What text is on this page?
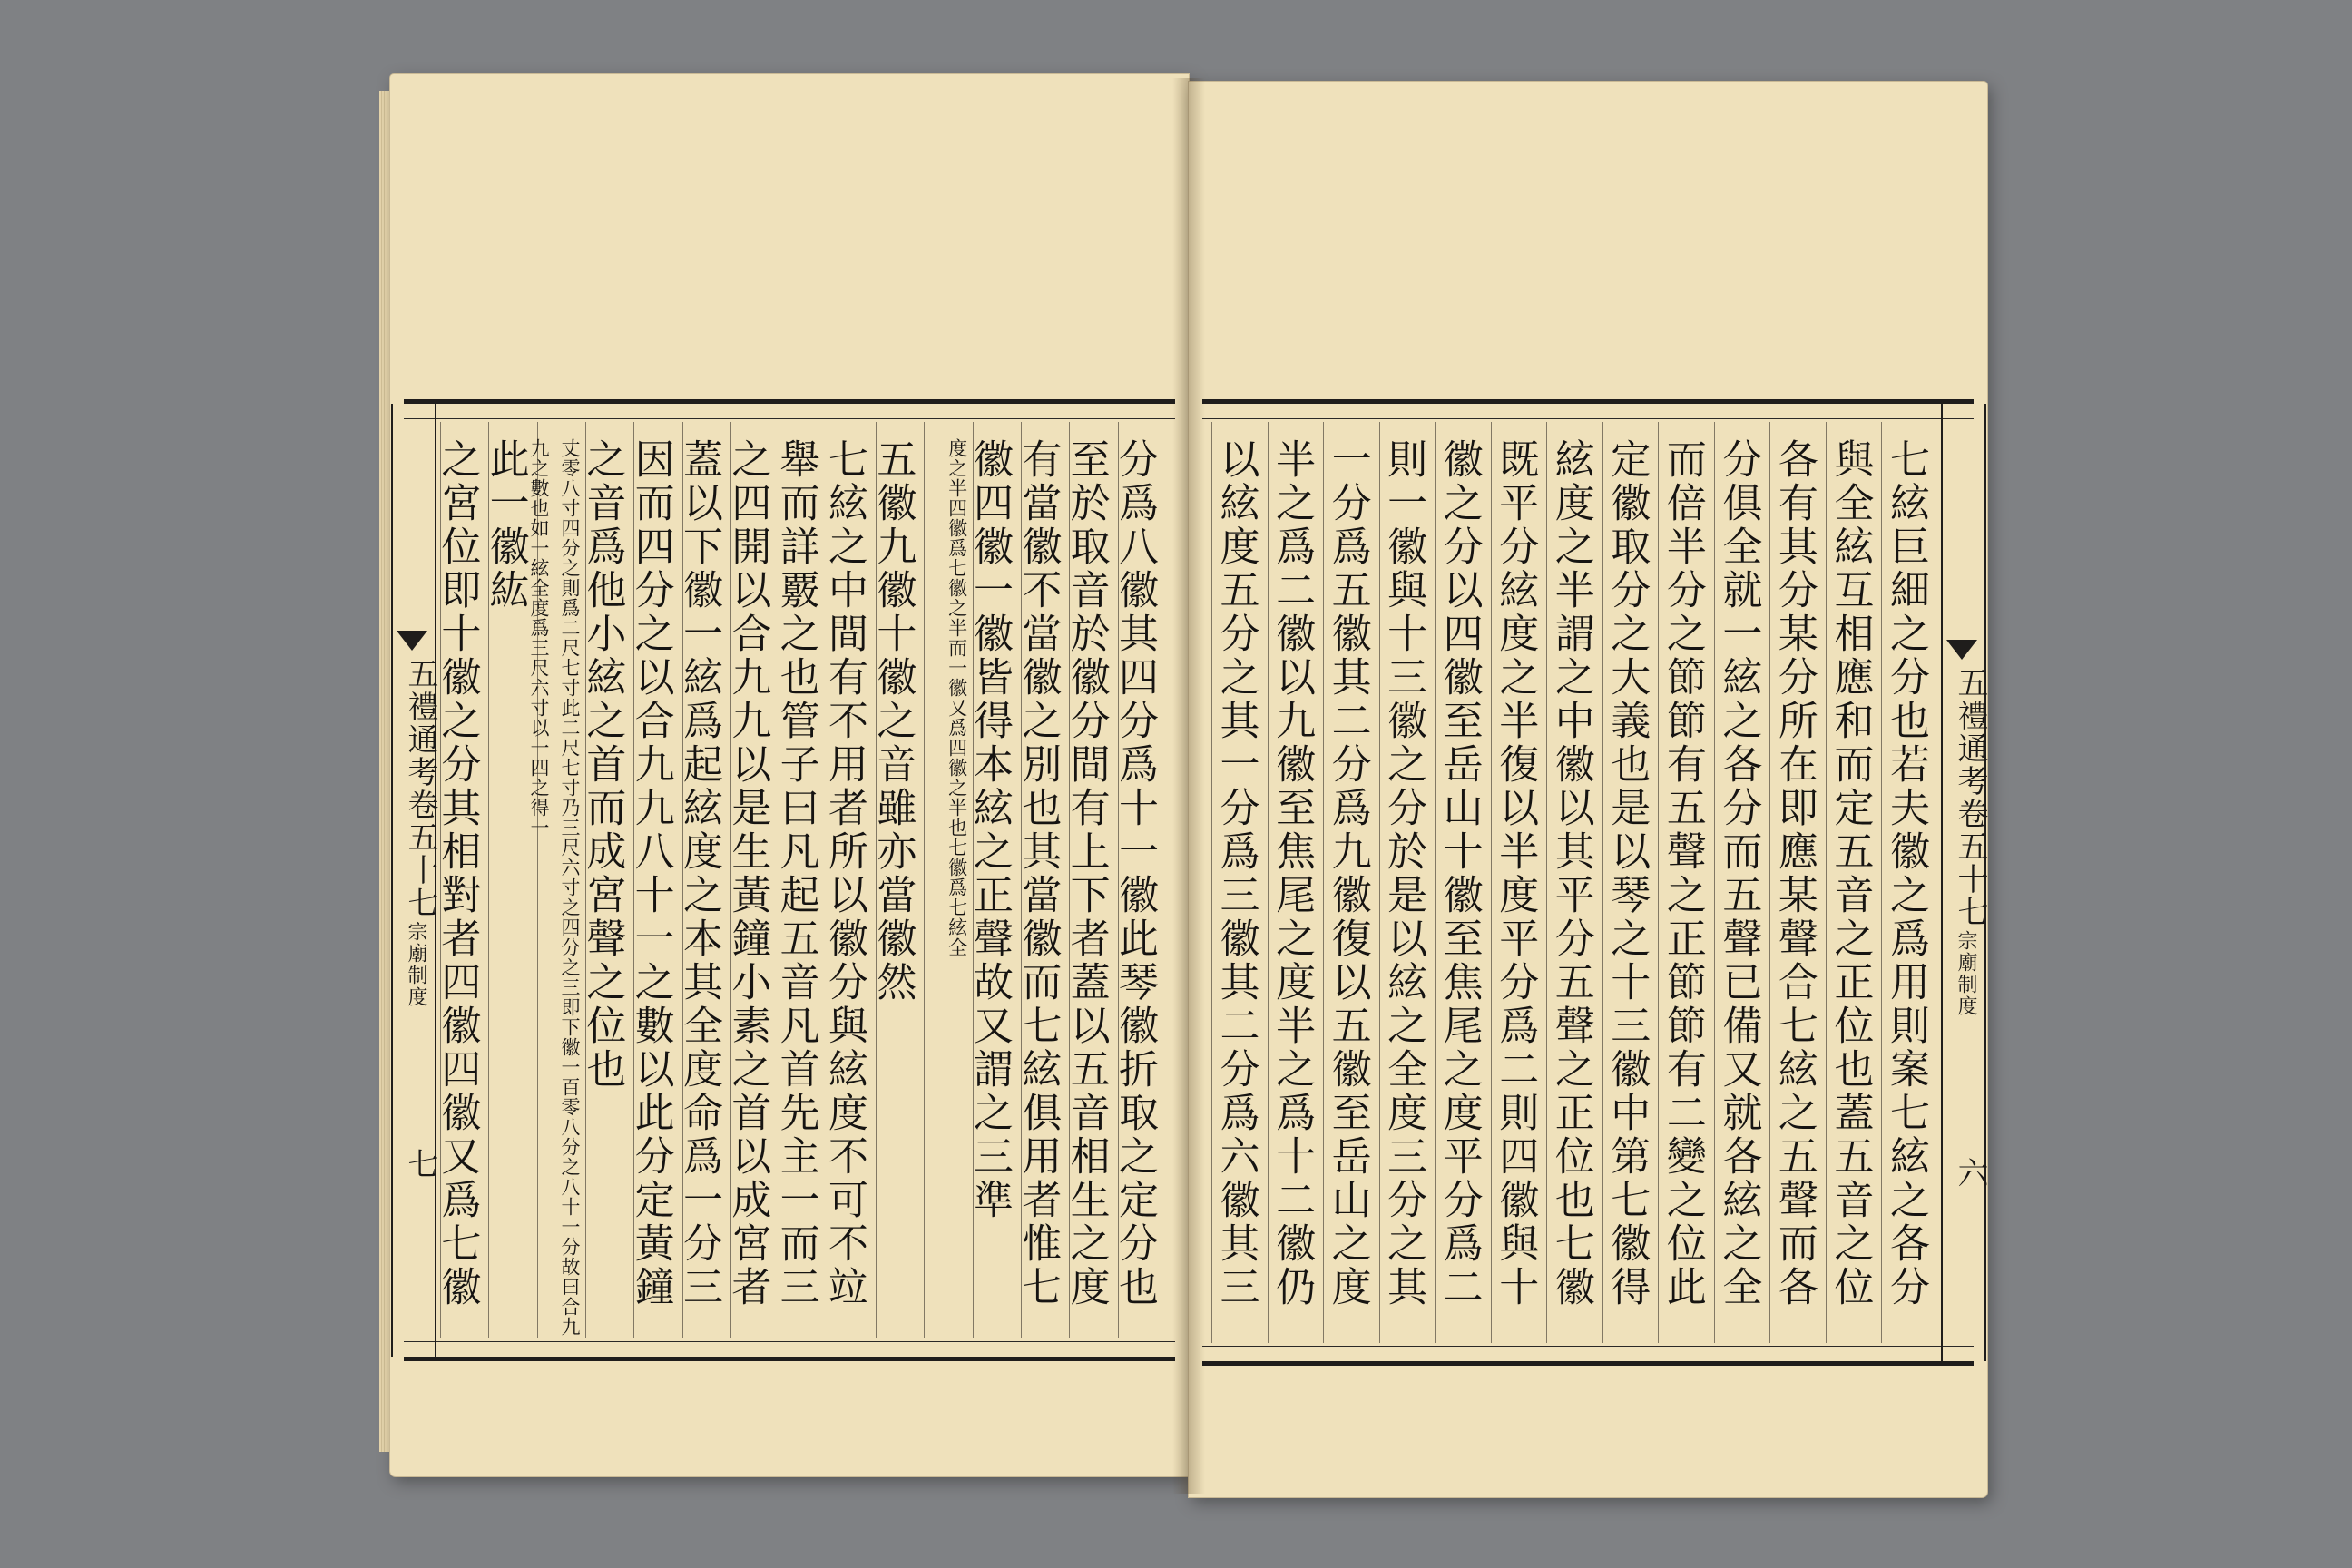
分爲八徽其四分爲十一徽此琴徽折取之定分也
至於取音於徽分間有上下者蓋以五音相生之度
有當徽不當徽之別也其當徽而七絃俱用者惟七
徽四徽一徽皆得本絃之正聲故又謂之三準
度之半四徽爲七徽之半而一徽又爲四徽之半也七徽爲七絃全
五徽九徽十徽之音雖亦當徽然
七絃之中間有不用者所以徽分與絃度不可不竝
舉而詳覈之也管子曰凡起五音凡首先主一而三
之四開以合九九以是生黃鐘小素之首以成宮者
蓋以下徽一絃爲起絃度之本其全度命爲一分三
因而四分之以合九九八十一之數以此分定黃鐘
之音爲他小絃之首而成宮聲之位也
丈零八寸四分之則爲二尺七寸此二尺七寸乃三尺六寸之四分之三即下徽一百零八分之八十一分故曰合九九之數也如一絃全度爲三尺六寸以一四之得一
此一徽紘
之宮位即十徽之分其相對者四徽四徽又爲七徽
五禮通考卷五十七
宗廟制度
七	七絃巨細之分也若夫徽之爲用則案七絃之各分
與全絃互相應和而定五音之正位也蓋五音之位
各有其分某分所在即應某聲合七絃之五聲而各
分俱全就一絃之各分而五聲已備又就各絃之全
而倍半分之節節有五聲之正節節有二變之位此
定徽取分之大義也是以琴之十三徽中第七徽得
絃度之半謂之中徽以其平分五聲之正位也七徽
既平分絃度之半復以半度平分爲二則四徽與十
徽之分以四徽至岳山十徽至焦尾之度平分爲二
則一徽與十三徽之分於是以絃之全度三分之其
一分爲五徽其二分爲九徽復以五徽至岳山之度
半之爲二徽以九徽至焦尾之度半之爲十二徽仍
以絃度五分之其一分爲三徽其二分爲六徽其三	五禮通考卷五十七
宗廟制度
六
